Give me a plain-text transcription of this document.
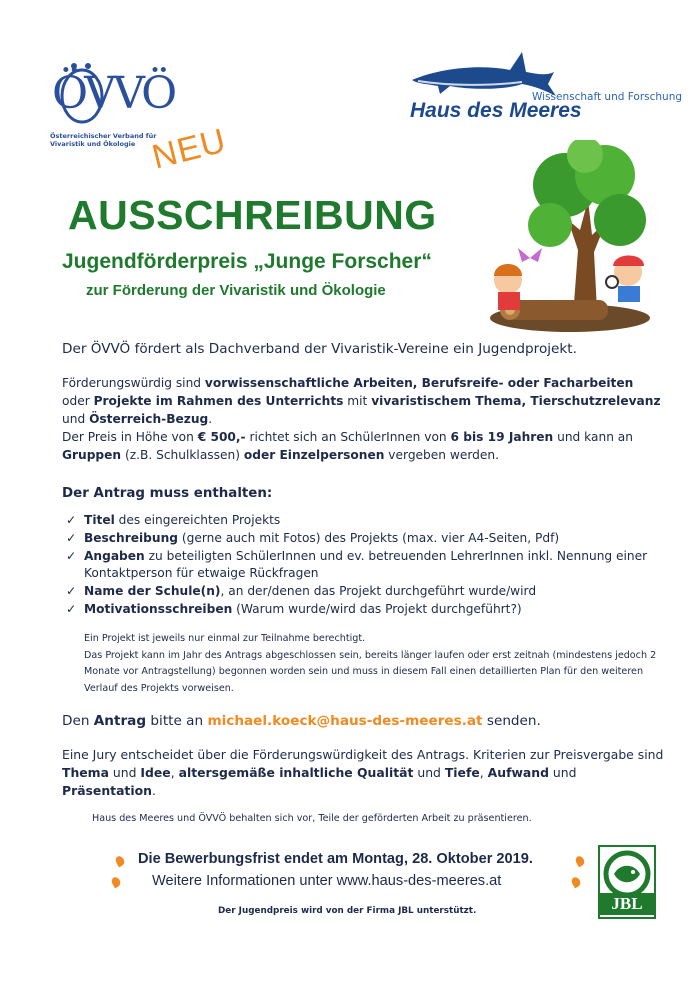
ÖVVÖ
Österreichischer Verband für
Vivaristik und Ökologie
Wissenschaft und Forschung
Haus des Meeres
NEU
AUSSCHREIBUNG
Jugendförderpreis „Junge Forscher“
zur Förderung der Vivaristik und Ökologie
Der ÖVVÖ fördert als Dachverband der Vivaristik-Vereine ein Jugendprojekt.
Förderungswürdig sind vorwissenschaftliche Arbeiten, Berufsreife- oder Facharbeiten
oder Projekte im Rahmen des Unterrichts mit vivaristischem Thema, Tierschutzrelevanz
und Österreich-Bezug.
Der Preis in Höhe von € 500,- richtet sich an SchülerInnen von 6 bis 19 Jahren und kann an
Gruppen (z.B. Schulklassen) oder Einzelpersonen vergeben werden.
Der Antrag muss enthalten:
✓ Titel des eingereichten Projekts
✓ Beschreibung (gerne auch mit Fotos) des Projekts (max. vier A4-Seiten, Pdf)
✓ Angaben zu beteiligten SchülerInnen und ev. betreuenden LehrerInnen inkl. Nennung einer Kontaktperson für etwaige Rückfragen
✓ Name der Schule(n), an der/denen das Projekt durchgeführt wurde/wird
✓ Motivationsschreiben (Warum wurde/wird das Projekt durchgeführt?)
Ein Projekt ist jeweils nur einmal zur Teilnahme berechtigt.
Das Projekt kann im Jahr des Antrags abgeschlossen sein, bereits länger laufen oder erst zeitnah (mindestens jedoch 2 Monate vor Antragstellung) begonnen worden sein und muss in diesem Fall einen detaillierten Plan für den weiteren Verlauf des Projekts vorweisen.
Den Antrag bitte an michael.koeck@haus-des-meeres.at senden.
Eine Jury entscheidet über die Förderungswürdigkeit des Antrags. Kriterien zur Preisvergabe sind Thema und Idee, altersgemäße inhaltliche Qualität und Tiefe, Aufwand und Präsentation.
Haus des Meeres und ÖVVÖ behalten sich vor, Teile der geförderten Arbeit zu präsentieren.
Die Bewerbungsfrist endet am Montag, 28. Oktober 2019.
Weitere Informationen unter www.haus-des-meeres.at
JBL
Der Jugendpreis wird von der Firma JBL unterstützt.
